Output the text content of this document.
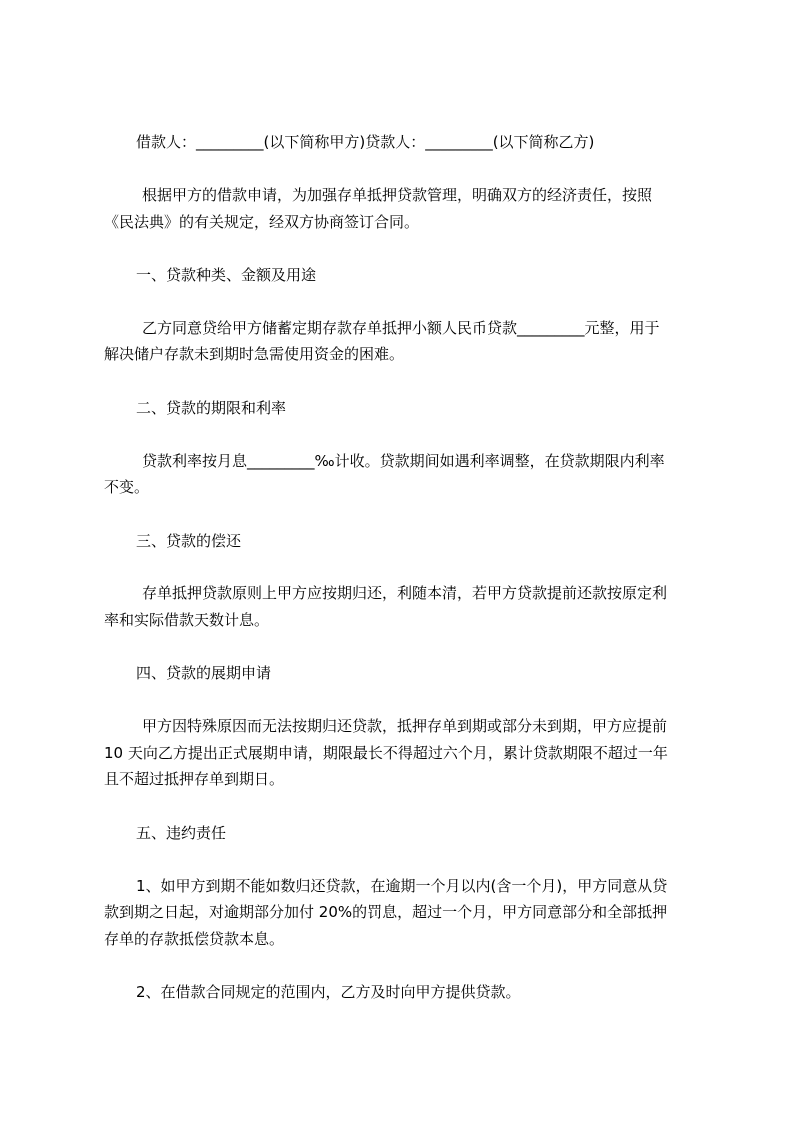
借款人：_________(以下简称甲方)贷款人：_________(以下简称乙方)
根据甲方的借款申请，为加强存单抵押贷款管理，明确双方的经济责任，按照
《民法典》的有关规定，经双方协商签订合同。
一、贷款种类、金额及用途
乙方同意贷给甲方储蓄定期存款存单抵押小额人民币贷款_________元整，用于
解决储户存款未到期时急需使用资金的困难。
二、贷款的期限和利率
贷款利率按月息_________‰计收。贷款期间如遇利率调整，在贷款期限内利率
不变。
三、贷款的偿还
存单抵押贷款原则上甲方应按期归还，利随本清，若甲方贷款提前还款按原定利
率和实际借款天数计息。
四、贷款的展期申请
甲方因特殊原因而无法按期归还贷款，抵押存单到期或部分未到期，甲方应提前
10 天向乙方提出正式展期申请，期限最长不得超过六个月，累计贷款期限不超过一年
且不超过抵押存单到期日。
五、违约责任
1、如甲方到期不能如数归还贷款，在逾期一个月以内(含一个月)，甲方同意从贷
款到期之日起，对逾期部分加付 20%的罚息，超过一个月，甲方同意部分和全部抵押
存单的存款抵偿贷款本息。
2、在借款合同规定的范围内，乙方及时向甲方提供贷款。
